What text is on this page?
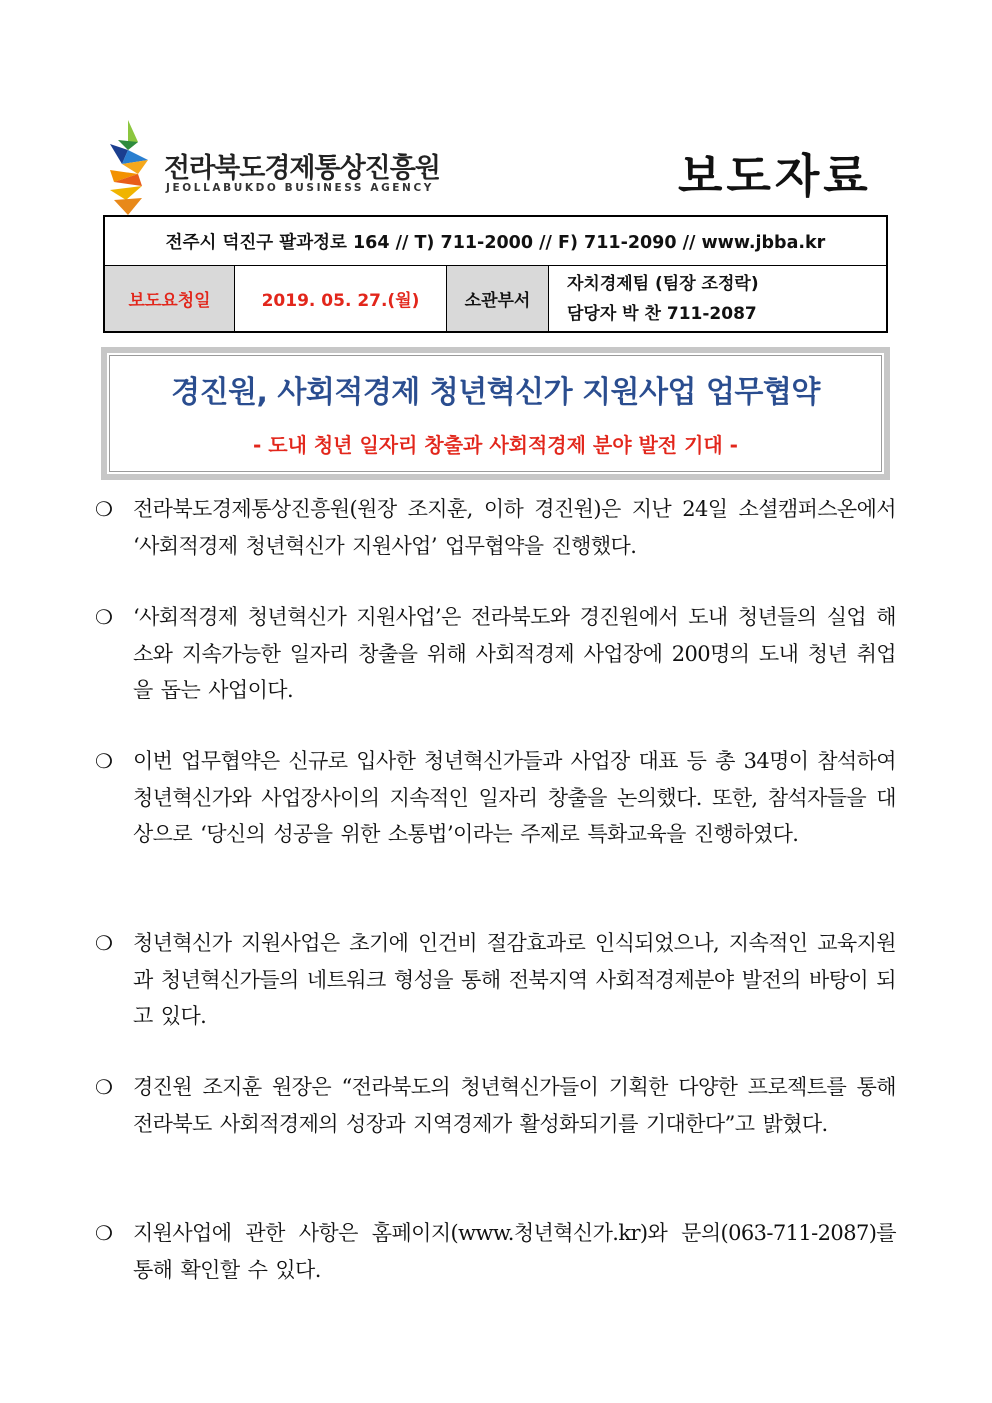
전라북도경제통상진흥원
JEOLLABUKDO BUSINESS AGENCY	보도자료
전주시 덕진구 팔과정로 164 // T) 711-2000 // F) 711-2090 // www.jbba.kr
보도요청일	2019. 05. 27.(월)	소관부서
자치경제팀 (팀장 조정락)
담당자 박 찬 711-2087
경진원, 사회적경제 청년혁신가 지원사업 업무협약
- 도내 청년 일자리 창출과 사회적경제 분야 발전 기대 -
❍ 전라북도경제통상진흥원(원장 조지훈, 이하 경진원)은 지난 24일 소셜캠퍼스온에서 ‘사회적경제 청년혁신가 지원사업’ 업무협약을 진행했다.
❍ ‘사회적경제 청년혁신가 지원사업’은 전라북도와 경진원에서 도내 청년들의 실업 해소와 지속가능한 일자리 창출을 위해 사회적경제 사업장에 200명의 도내 청년 취업을 돕는 사업이다.
❍ 이번 업무협약은 신규로 입사한 청년혁신가들과 사업장 대표 등 총 34명이 참석하여 청년혁신가와 사업장사이의 지속적인 일자리 창출을 논의했다. 또한, 참석자들을 대상으로 ‘당신의 성공을 위한 소통법’이라는 주제로 특화교육을 진행하였다.
❍ 청년혁신가 지원사업은 초기에 인건비 절감효과로 인식되었으나, 지속적인 교육지원과 청년혁신가들의 네트워크 형성을 통해 전북지역 사회적경제분야 발전의 바탕이 되고 있다.
❍ 경진원 조지훈 원장은 “전라북도의 청년혁신가들이 기획한 다양한 프로젝트를 통해 전라북도 사회적경제의 성장과 지역경제가 활성화되기를 기대한다”고 밝혔다.
❍ 지원사업에 관한 사항은 홈페이지(www.청년혁신가.kr)와 문의(063-711-2087)를 통해 확인할 수 있다.
